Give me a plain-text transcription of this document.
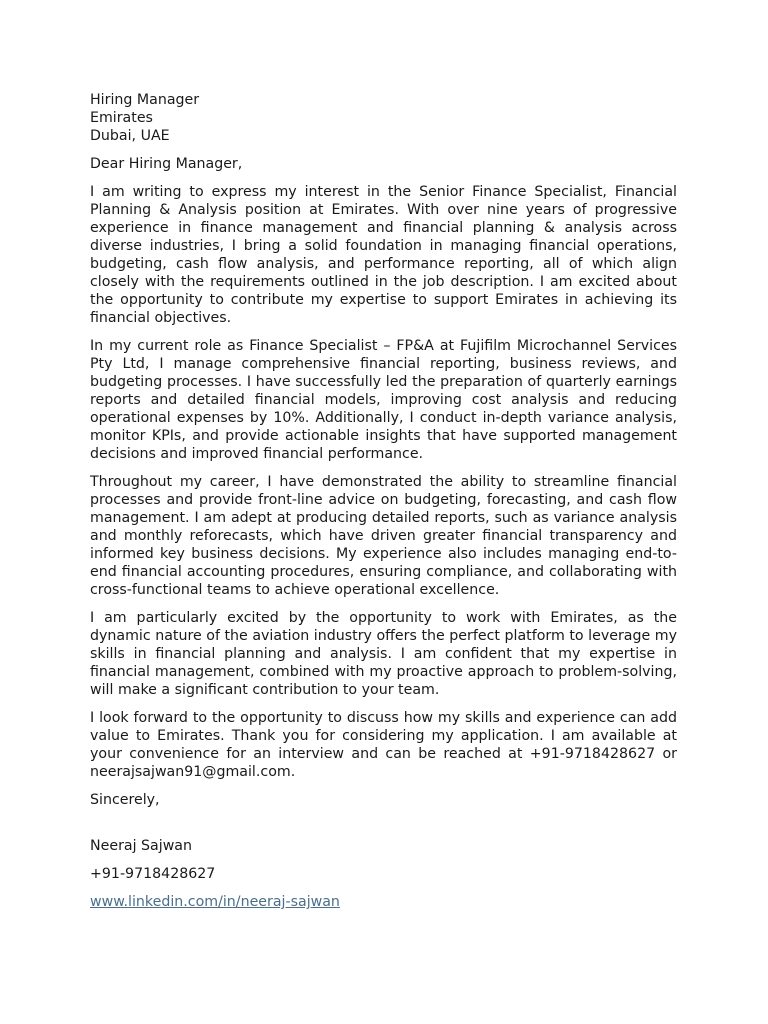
Hiring Manager
Emirates
Dubai, UAE

Dear Hiring Manager,

I am writing to express my interest in the Senior Finance Specialist, Financial Planning & Analysis position at Emirates. With over nine years of progressive experience in finance management and financial planning & analysis across diverse industries, I bring a solid foundation in managing financial operations, budgeting, cash flow analysis, and performance reporting, all of which align closely with the requirements outlined in the job description. I am excited about the opportunity to contribute my expertise to support Emirates in achieving its financial objectives.

In my current role as Finance Specialist – FP&A at Fujifilm Microchannel Services Pty Ltd, I manage comprehensive financial reporting, business reviews, and budgeting processes. I have successfully led the preparation of quarterly earnings reports and detailed financial models, improving cost analysis and reducing operational expenses by 10%. Additionally, I conduct in-depth variance analysis, monitor KPIs, and provide actionable insights that have supported management decisions and improved financial performance.

Throughout my career, I have demonstrated the ability to streamline financial processes and provide front-line advice on budgeting, forecasting, and cash flow management. I am adept at producing detailed reports, such as variance analysis and monthly reforecasts, which have driven greater financial transparency and informed key business decisions. My experience also includes managing end-to-end financial accounting procedures, ensuring compliance, and collaborating with cross-functional teams to achieve operational excellence.

I am particularly excited by the opportunity to work with Emirates, as the dynamic nature of the aviation industry offers the perfect platform to leverage my skills in financial planning and analysis. I am confident that my expertise in financial management, combined with my proactive approach to problem-solving, will make a significant contribution to your team.

I look forward to the opportunity to discuss how my skills and experience can add value to Emirates. Thank you for considering my application. I am available at your convenience for an interview and can be reached at +91-9718428627 or neerajsajwan91@gmail.com.

Sincerely,

Neeraj Sajwan

+91-9718428627

www.linkedin.com/in/neeraj-sajwan
